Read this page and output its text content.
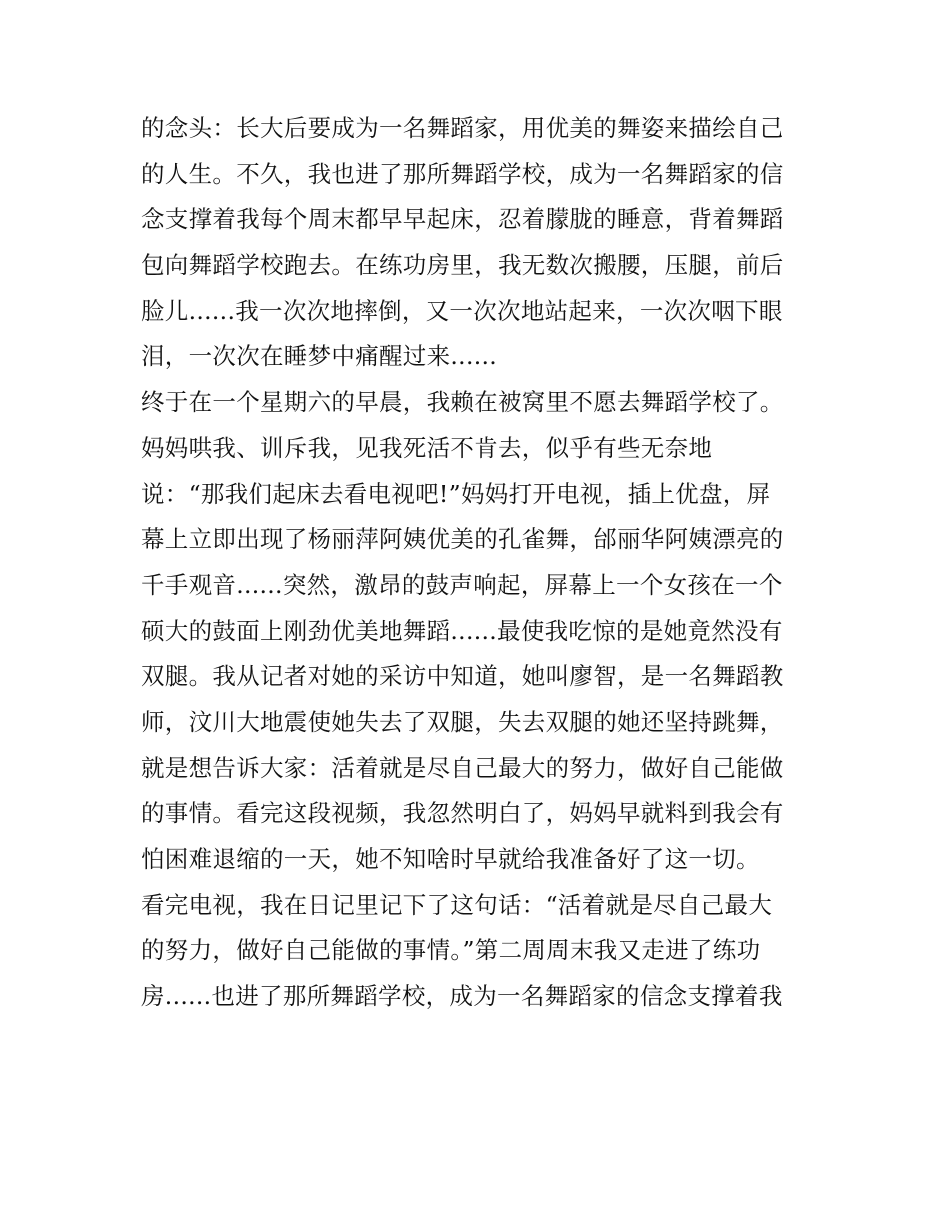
的念头：长大后要成为一名舞蹈家，用优美的舞姿来描绘自己
的人生。不久，我也进了那所舞蹈学校，成为一名舞蹈家的信
念支撑着我每个周末都早早起床，忍着朦胧的睡意，背着舞蹈
包向舞蹈学校跑去。在练功房里，我无数次搬腰，压腿，前后
脸儿......我一次次地摔倒，又一次次地站起来，一次次咽下眼
泪，一次次在睡梦中痛醒过来......
终于在一个星期六的早晨，我赖在被窝里不愿去舞蹈学校了。
妈妈哄我、训斥我，见我死活不肯去，似乎有些无奈地
说：“那我们起床去看电视吧!”妈妈打开电视，插上优盘，屏
幕上立即出现了杨丽萍阿姨优美的孔雀舞，邰丽华阿姨漂亮的
千手观音......突然，激昂的鼓声响起，屏幕上一个女孩在一个
硕大的鼓面上刚劲优美地舞蹈......最使我吃惊的是她竟然没有
双腿。我从记者对她的采访中知道，她叫廖智，是一名舞蹈教
师，汶川大地震使她失去了双腿，失去双腿的她还坚持跳舞，
就是想告诉大家：活着就是尽自己最大的努力，做好自己能做
的事情。看完这段视频，我忽然明白了，妈妈早就料到我会有
怕困难退缩的一天，她不知啥时早就给我准备好了这一切。
看完电视，我在日记里记下了这句话：“活着就是尽自己最大
的努力，做好自己能做的事情。”第二周周末我又走进了练功
房......也进了那所舞蹈学校，成为一名舞蹈家的信念支撑着我
